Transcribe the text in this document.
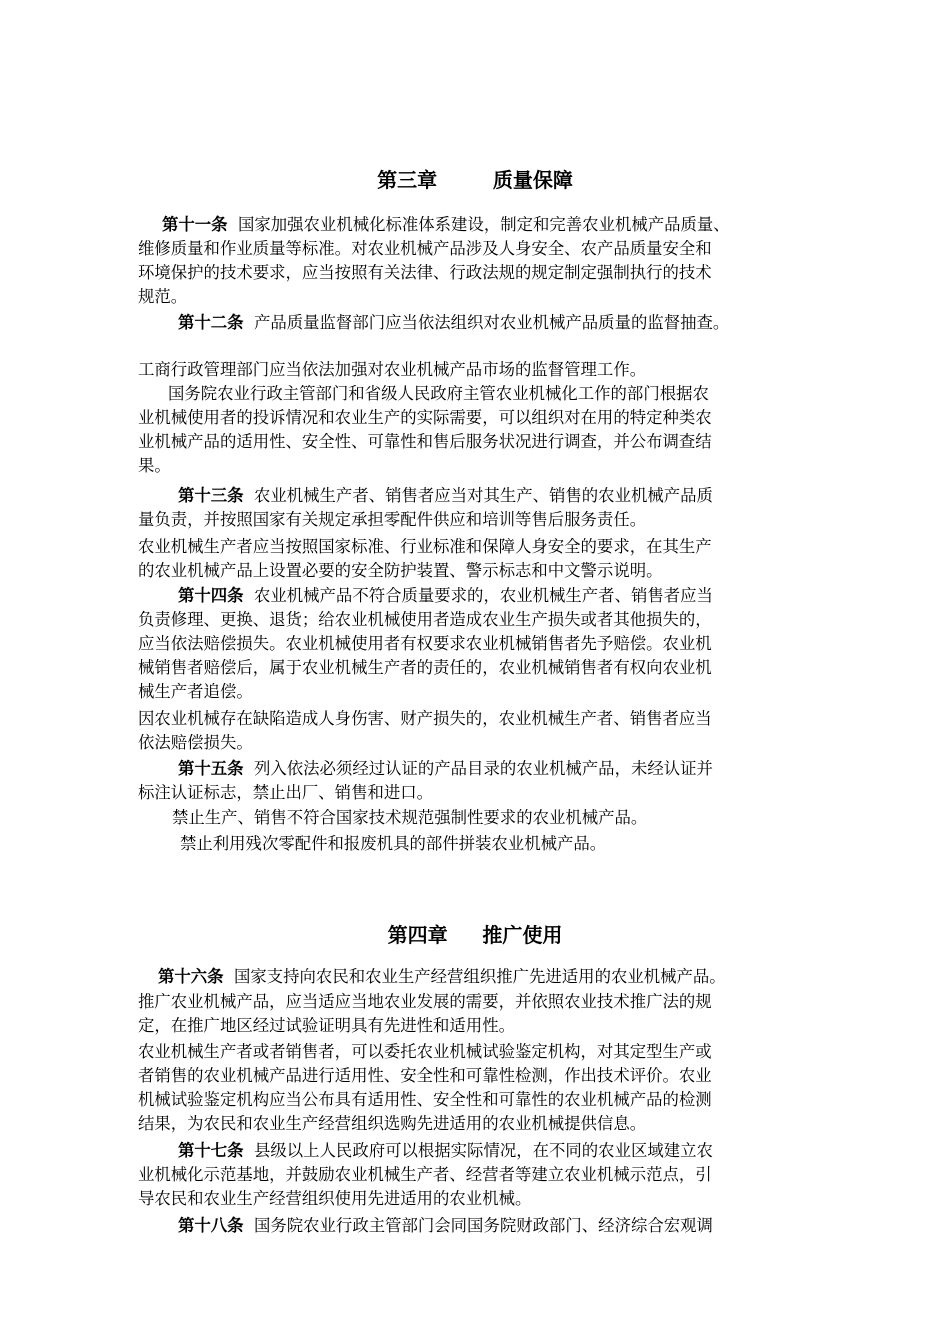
第三章        质量保障
第四章     推广使用
第十一条  国家加强农业机械化标准体系建设，制定和完善农业机械产品质量、
维修质量和作业质量等标准。对农业机械产品涉及人身安全、农产品质量安全和
环境保护的技术要求，应当按照有关法律、行政法规的规定制定强制执行的技术
规范。
第十二条  产品质量监督部门应当依法组织对农业机械产品质量的监督抽查。
工商行政管理部门应当依法加强对农业机械产品市场的监督管理工作。
国务院农业行政主管部门和省级人民政府主管农业机械化工作的部门根据农
业机械使用者的投诉情况和农业生产的实际需要，可以组织对在用的特定种类农
业机械产品的适用性、安全性、可靠性和售后服务状况进行调查，并公布调查结
果。
第十三条  农业机械生产者、销售者应当对其生产、销售的农业机械产品质
量负责，并按照国家有关规定承担零配件供应和培训等售后服务责任。
农业机械生产者应当按照国家标准、行业标准和保障人身安全的要求，在其生产
的农业机械产品上设置必要的安全防护装置、警示标志和中文警示说明。
第十四条  农业机械产品不符合质量要求的，农业机械生产者、销售者应当
负责修理、更换、退货；给农业机械使用者造成农业生产损失或者其他损失的，
应当依法赔偿损失。农业机械使用者有权要求农业机械销售者先予赔偿。农业机
械销售者赔偿后，属于农业机械生产者的责任的，农业机械销售者有权向农业机
械生产者追偿。
因农业机械存在缺陷造成人身伤害、财产损失的，农业机械生产者、销售者应当
依法赔偿损失。
第十五条  列入依法必须经过认证的产品目录的农业机械产品，未经认证并
标注认证标志，禁止出厂、销售和进口。
禁止生产、销售不符合国家技术规范强制性要求的农业机械产品。
禁止利用残次零配件和报废机具的部件拼装农业机械产品。
第十六条  国家支持向农民和农业生产经营组织推广先进适用的农业机械产品。
推广农业机械产品，应当适应当地农业发展的需要，并依照农业技术推广法的规
定，在推广地区经过试验证明具有先进性和适用性。
农业机械生产者或者销售者，可以委托农业机械试验鉴定机构，对其定型生产或
者销售的农业机械产品进行适用性、安全性和可靠性检测，作出技术评价。农业
机械试验鉴定机构应当公布具有适用性、安全性和可靠性的农业机械产品的检测
结果，为农民和农业生产经营组织选购先进适用的农业机械提供信息。
第十七条  县级以上人民政府可以根据实际情况，在不同的农业区域建立农
业机械化示范基地，并鼓励农业机械生产者、经营者等建立农业机械示范点，引
导农民和农业生产经营组织使用先进适用的农业机械。
第十八条  国务院农业行政主管部门会同国务院财政部门、经济综合宏观调
